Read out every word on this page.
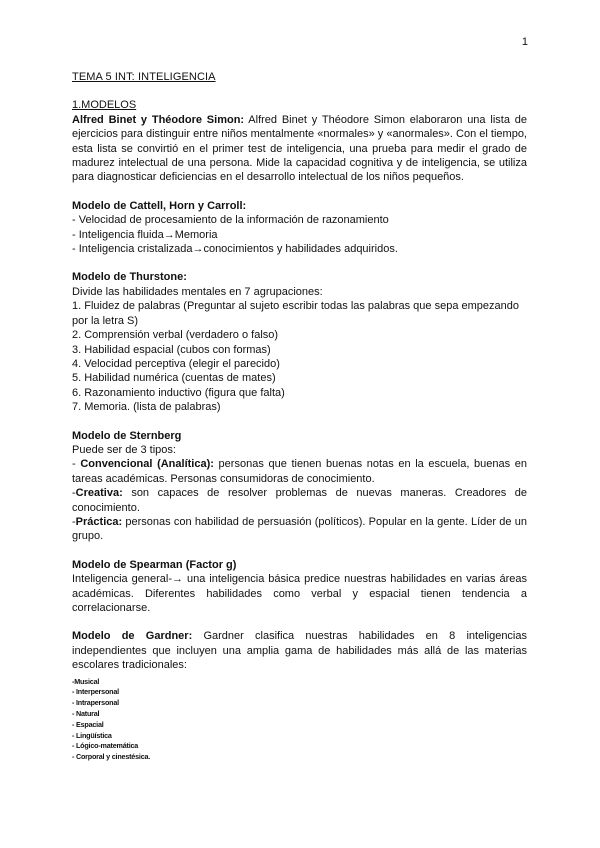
1
TEMA 5 INT: INTELIGENCIA

1.MODELOS

Alfred Binet y Théodore Simon: Alfred Binet y Théodore Simon elaboraron una lista de ejercicios para distinguir entre niños mentalmente «normales» y «anormales». Con el tiempo, esta lista se convirtió en el primer test de inteligencia, una prueba para medir el grado de madurez intelectual de una persona. Mide la capacidad cognitiva y de inteligencia, se utiliza para diagnosticar deficiencias en el desarrollo intelectual de los niños pequeños.

Modelo de Cattell, Horn y Carroll:

- Velocidad de procesamiento de la información de razonamiento
- Inteligencia fluida→Memoria
- Inteligencia cristalizada→conocimientos y habilidades adquiridos.

Modelo de Thurstone:

Divide las habilidades mentales en 7 agrupaciones:

1. Fluidez de palabras (Preguntar al sujeto escribir todas las palabras que sepa empezando por la letra S)
2. Comprensión verbal (verdadero o falso)
3. Habilidad espacial (cubos con formas)
4. Velocidad perceptiva (elegir el parecido)
5. Habilidad numérica (cuentas de mates)
6. Razonamiento inductivo (figura que falta)
7. Memoria. (lista de palabras)

Modelo de Sternberg

Puede ser de 3 tipos:

- Convencional (Analítica): personas que tienen buenas notas en la escuela, buenas en tareas académicas. Personas consumidoras de conocimiento.

-Creativa: son capaces de resolver problemas de nuevas maneras. Creadores de conocimiento.

-Práctica: personas con habilidad de persuasión (políticos). Popular en la gente. Líder de un grupo.

Modelo de Spearman (Factor g)

Inteligencia general-→ una inteligencia básica predice nuestras habilidades en varias áreas académicas. Diferentes habilidades como verbal y espacial tienen tendencia a correlacionarse.

Modelo de Gardner: Gardner clasifica nuestras habilidades en 8 inteligencias independientes que incluyen una amplia gama de habilidades más allá de las materias escolares tradicionales:

-Musical
- Interpersonal
- Intrapersonal
- Natural
- Espacial
- Lingüística
- Lógico-matemática
- Corporal y cinestésica.
